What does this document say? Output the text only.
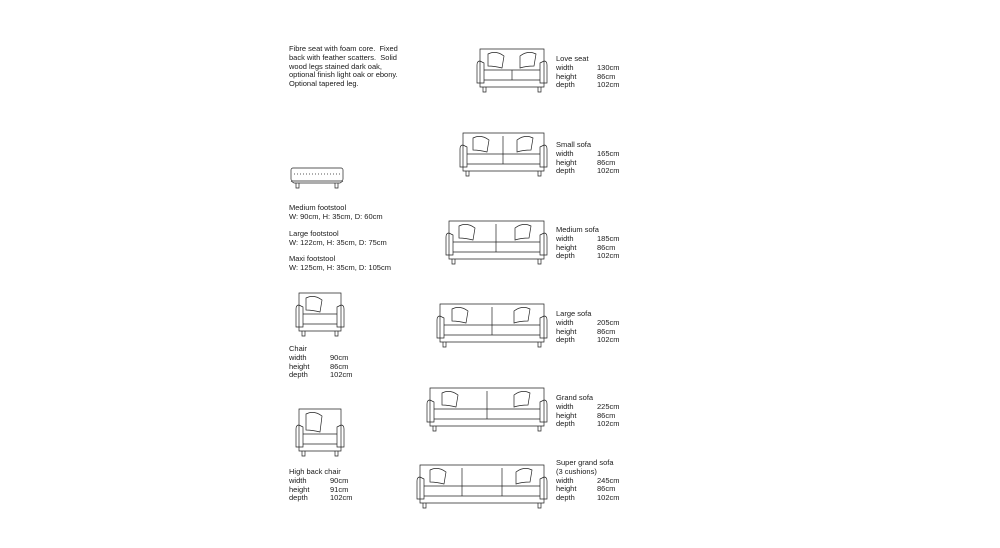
Fibre seat with foam core.  Fixed
back with feather scatters.  Solid
wood legs stained dark oak,
optional finish light oak or ebony.
Optional tapered leg.
Medium footstool
W: 90cm, H: 35cm, D: 60cm
Large footstool
W: 122cm, H: 35cm, D: 75cm
Maxi footstool
W: 125cm, H: 35cm, D: 105cm
Chair
width	90cm
height	86cm
depth	102cm
High back chair
width	90cm
height	91cm
depth	102cm
Love seat
width	130cm
height	86cm
depth	102cm
Small sofa
width	165cm
height	86cm
depth	102cm
Medium sofa
width	185cm
height	86cm
depth	102cm
Large sofa
width	205cm
height	86cm
depth	102cm
Grand sofa
width	225cm
height	86cm
depth	102cm
Super grand sofa
(3 cushions)
width	245cm
height	86cm
depth	102cm
